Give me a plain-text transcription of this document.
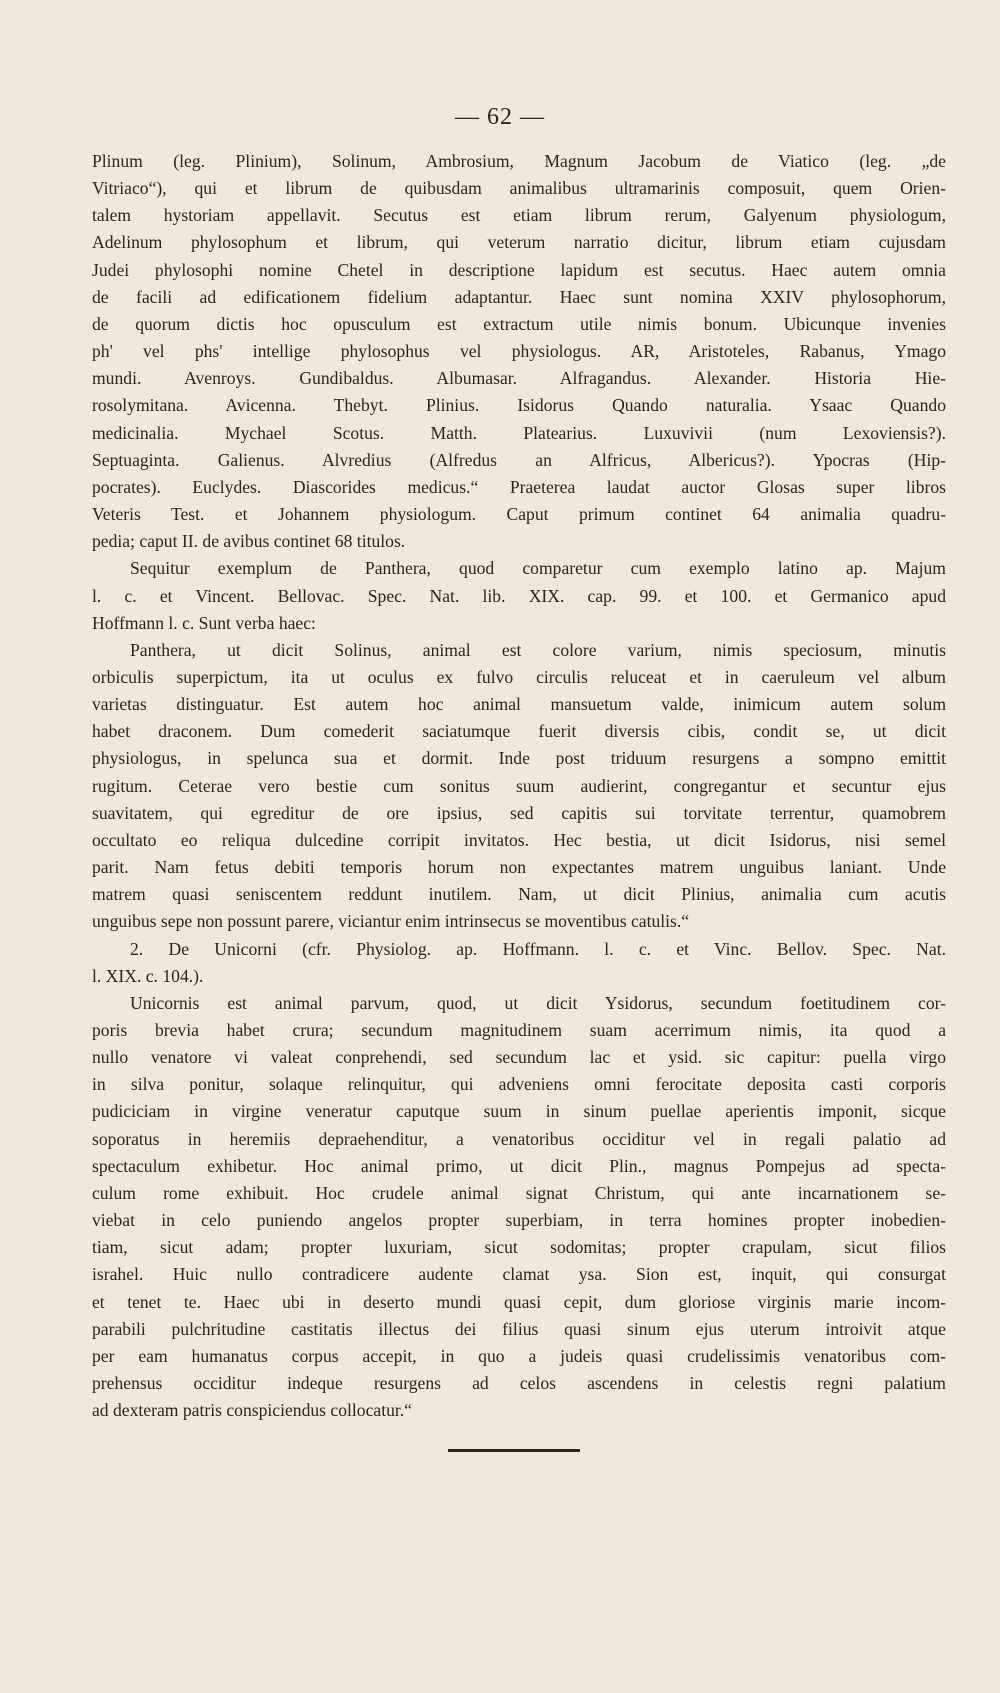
— 62 —
Plinum (leg. Plinium), Solinum, Ambrosium, Magnum Jacobum de Viatico (leg. „de
Vitriaco“), qui et librum de quibusdam animalibus ultramarinis composuit, quem Orien-
talem hystoriam appellavit. Secutus est etiam librum rerum, Galyenum physiologum,
Adelinum phylosophum et librum, qui veterum narratio dicitur, librum etiam cujusdam
Judei phylosophi nomine Chetel in descriptione lapidum est secutus. Haec autem omnia
de facili ad edificationem fidelium adaptantur. Haec sunt nomina XXIV phylosophorum,
de quorum dictis hoc opusculum est extractum utile nimis bonum. Ubicunque invenies
ph' vel phs' intellige phylosophus vel physiologus. AR, Aristoteles, Rabanus, Ymago
mundi. Avenroys. Gundibaldus. Albumasar. Alfragandus. Alexander. Historia Hie-
rosolymitana. Avicenna. Thebyt. Plinius. Isidorus Quando naturalia. Ysaac Quando
medicinalia. Mychael Scotus. Matth. Platearius. Luxuvivii (num Lexoviensis?).
Septuaginta. Galienus. Alvredius (Alfredus an Alfricus, Albericus?). Ypocras (Hip-
pocrates). Euclydes. Diascorides medicus.“ Praeterea laudat auctor Glosas super libros
Veteris Test. et Johannem physiologum. Caput primum continet 64 animalia quadru-
pedia; caput II. de avibus continet 68 titulos.
Sequitur exemplum de Panthera, quod comparetur cum exemplo latino ap. Majum
l. c. et Vincent. Bellovac. Spec. Nat. lib. XIX. cap. 99. et 100. et Germanico apud
Hoffmann l. c. Sunt verba haec:
Panthera, ut dicit Solinus, animal est colore varium, nimis speciosum, minutis
orbiculis superpictum, ita ut oculus ex fulvo circulis reluceat et in caeruleum vel album
varietas distinguatur. Est autem hoc animal mansuetum valde, inimicum autem solum
habet draconem. Dum comederit saciatumque fuerit diversis cibis, condit se, ut dicit
physiologus, in spelunca sua et dormit. Inde post triduum resurgens a sompno emittit
rugitum. Ceterae vero bestie cum sonitus suum audierint, congregantur et secuntur ejus
suavitatem, qui egreditur de ore ipsius, sed capitis sui torvitate terrentur, quamobrem
occultato eo reliqua dulcedine corripit invitatos. Hec bestia, ut dicit Isidorus, nisi semel
parit. Nam fetus debiti temporis horum non expectantes matrem unguibus laniant. Unde
matrem quasi seniscentem reddunt inutilem. Nam, ut dicit Plinius, animalia cum acutis
unguibus sepe non possunt parere, viciantur enim intrinsecus se moventibus catulis.“
2. De Unicorni (cfr. Physiolog. ap. Hoffmann. l. c. et Vinc. Bellov. Spec. Nat.
l. XIX. c. 104.).
Unicornis est animal parvum, quod, ut dicit Ysidorus, secundum foetitudinem cor-
poris brevia habet crura; secundum magnitudinem suam acerrimum nimis, ita quod a
nullo venatore vi valeat conprehendi, sed secundum lac et ysid. sic capitur: puella virgo
in silva ponitur, solaque relinquitur, qui adveniens omni ferocitate deposita casti corporis
pudiciciam in virgine veneratur caputque suum in sinum puellae aperientis imponit, sicque
soporatus in heremiis depraehenditur, a venatoribus occiditur vel in regali palatio ad
spectaculum exhibetur. Hoc animal primo, ut dicit Plin., magnus Pompejus ad specta-
culum rome exhibuit. Hoc crudele animal signat Christum, qui ante incarnationem se-
viebat in celo puniendo angelos propter superbiam, in terra homines propter inobedien-
tiam, sicut adam; propter luxuriam, sicut sodomitas; propter crapulam, sicut filios
israhel. Huic nullo contradicere audente clamat ysa. Sion est, inquit, qui consurgat
et tenet te. Haec ubi in deserto mundi quasi cepit, dum gloriose virginis marie incom-
parabili pulchritudine castitatis illectus dei filius quasi sinum ejus uterum introivit atque
per eam humanatus corpus accepit, in quo a judeis quasi crudelissimis venatoribus com-
prehensus occiditur indeque resurgens ad celos ascendens in celestis regni palatium
ad dexteram patris conspiciendus collocatur.“
